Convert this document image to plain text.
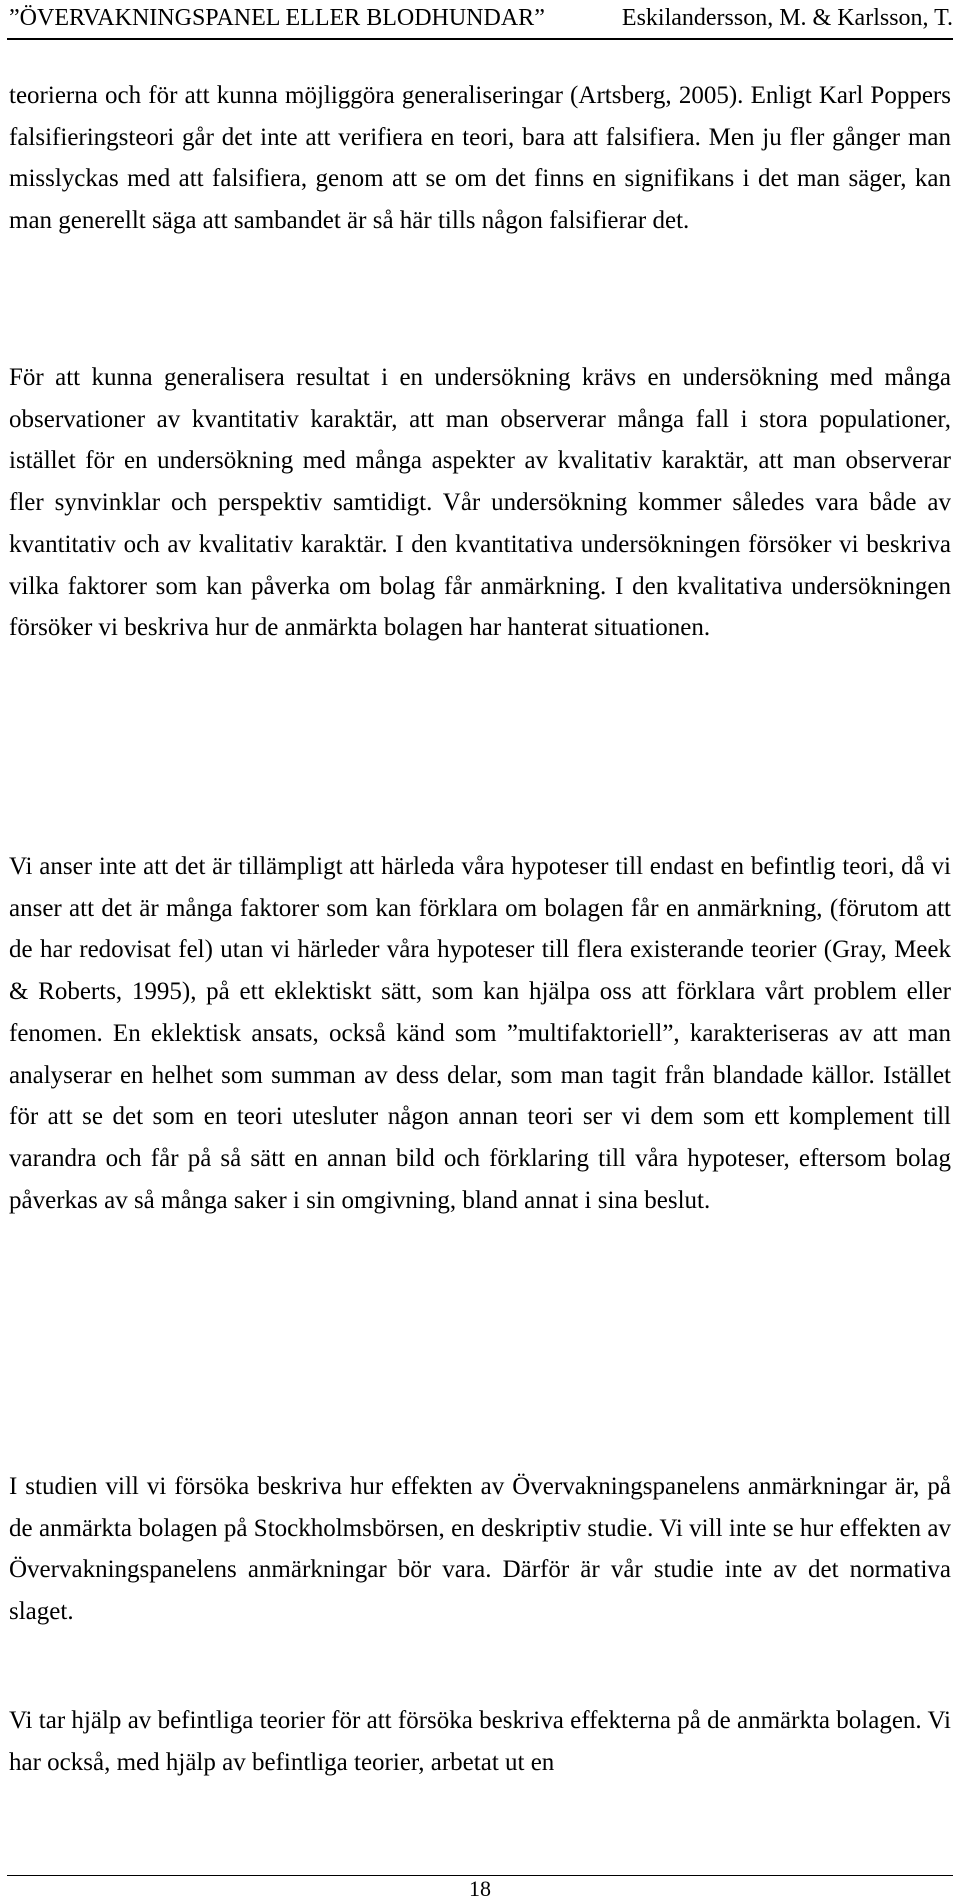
”ÖVERVAKNINGSPANEL ELLER BLODHUNDAR”	Eskilandersson, M. & Karlsson, T.

teorierna och för att kunna möjliggöra generaliseringar (Artsberg, 2005). Enligt Karl Poppers falsifieringsteori går det inte att verifiera en teori, bara att falsifiera. Men ju fler gånger man misslyckas med att falsifiera, genom att se om det finns en signifikans i det man säger, kan man generellt säga att sambandet är så här tills någon falsifierar det.

För att kunna generalisera resultat i en undersökning krävs en undersökning med många observationer av kvantitativ karaktär, att man observerar många fall i stora populationer, istället för en undersökning med många aspekter av kvalitativ karaktär, att man observerar fler synvinklar och perspektiv samtidigt. Vår undersökning kommer således vara både av kvantitativ och av kvalitativ karaktär. I den kvantitativa undersökningen försöker vi beskriva vilka faktorer som kan påverka om bolag får anmärkning. I den kvalitativa undersökningen försöker vi beskriva hur de anmärkta bolagen har hanterat situationen.

Vi anser inte att det är tillämpligt att härleda våra hypoteser till endast en befintlig teori, då vi anser att det är många faktorer som kan förklara om bolagen får en anmärkning, (förutom att de har redovisat fel) utan vi härleder våra hypoteser till flera existerande teorier (Gray, Meek & Roberts, 1995), på ett eklektiskt sätt, som kan hjälpa oss att förklara vårt problem eller fenomen. En eklektisk ansats, också känd som ”multifaktoriell”, karakteriseras av att man analyserar en helhet som summan av dess delar, som man tagit från blandade källor. Istället för att se det som en teori utesluter någon annan teori ser vi dem som ett komplement till varandra och får på så sätt en annan bild och förklaring till våra hypoteser, eftersom bolag påverkas av så många saker i sin omgivning, bland annat i sina beslut.

I studien vill vi försöka beskriva hur effekten av Övervakningspanelens anmärkningar är, på de anmärkta bolagen på Stockholmsbörsen, en deskriptiv studie. Vi vill inte se hur effekten av Övervakningspanelens anmärkningar bör vara. Därför är vår studie inte av det normativa slaget.

Vi tar hjälp av befintliga teorier för att försöka beskriva effekterna på de anmärkta bolagen. Vi har också, med hjälp av befintliga teorier, arbetat ut en

18
